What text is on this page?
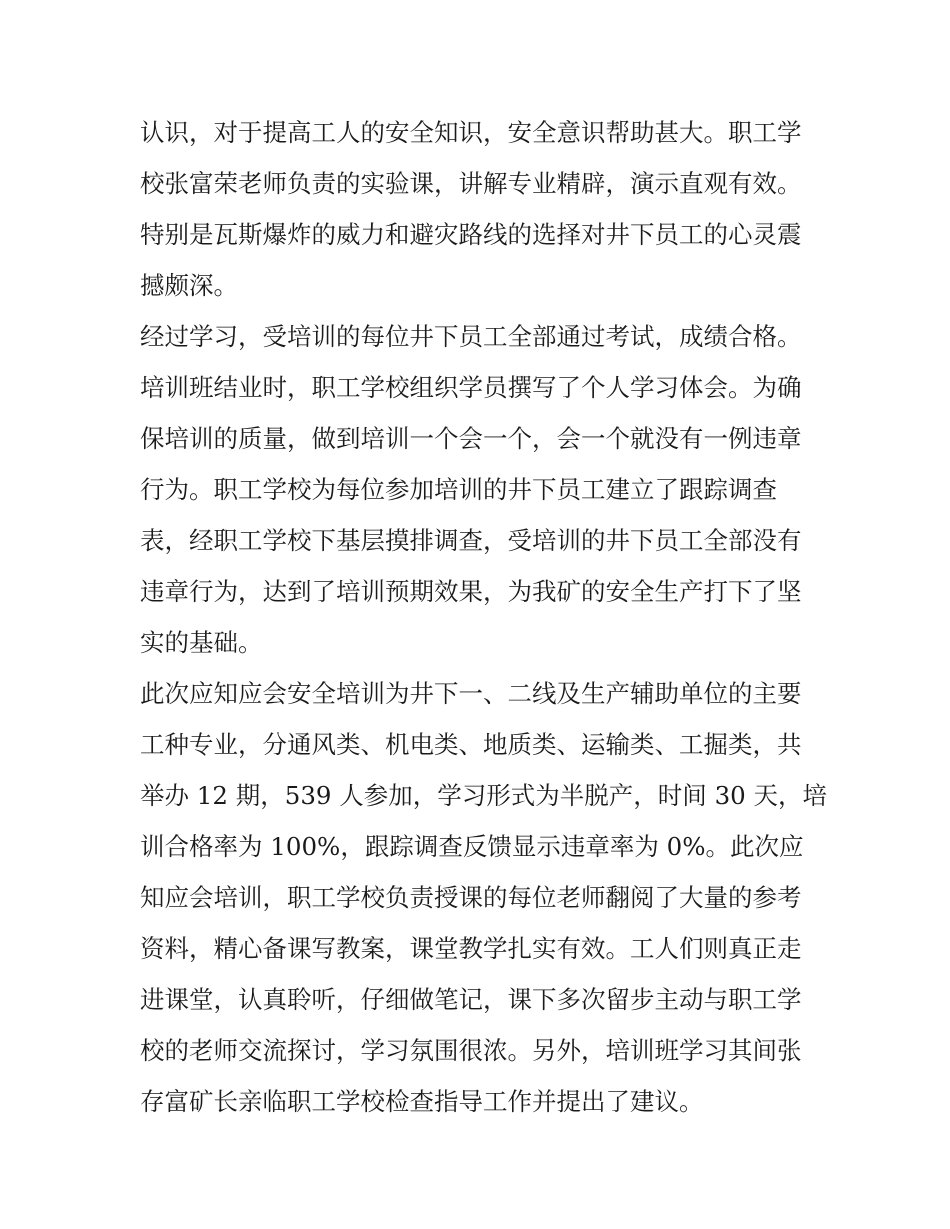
认识，对于提高工人的安全知识，安全意识帮助甚大。职工学
校张富荣老师负责的实验课，讲解专业精辟，演示直观有效。
特别是瓦斯爆炸的威力和避灾路线的选择对井下员工的心灵震
撼颇深。
经过学习，受培训的每位井下员工全部通过考试，成绩合格。
培训班结业时，职工学校组织学员撰写了个人学习体会。为确
保培训的质量，做到培训一个会一个，会一个就没有一例违章
行为。职工学校为每位参加培训的井下员工建立了跟踪调查
表，经职工学校下基层摸排调查，受培训的井下员工全部没有
违章行为，达到了培训预期效果，为我矿的安全生产打下了坚
实的基础。
此次应知应会安全培训为井下一、二线及生产辅助单位的主要
工种专业，分通风类、机电类、地质类、运输类、工掘类，共
举办 12 期，539 人参加，学习形式为半脱产，时间 30 天，培
训合格率为 100%，跟踪调查反馈显示违章率为 0%。此次应
知应会培训，职工学校负责授课的每位老师翻阅了大量的参考
资料，精心备课写教案，课堂教学扎实有效。工人们则真正走
进课堂，认真聆听，仔细做笔记，课下多次留步主动与职工学
校的老师交流探讨，学习氛围很浓。另外，培训班学习其间张
存富矿长亲临职工学校检查指导工作并提出了建议。
